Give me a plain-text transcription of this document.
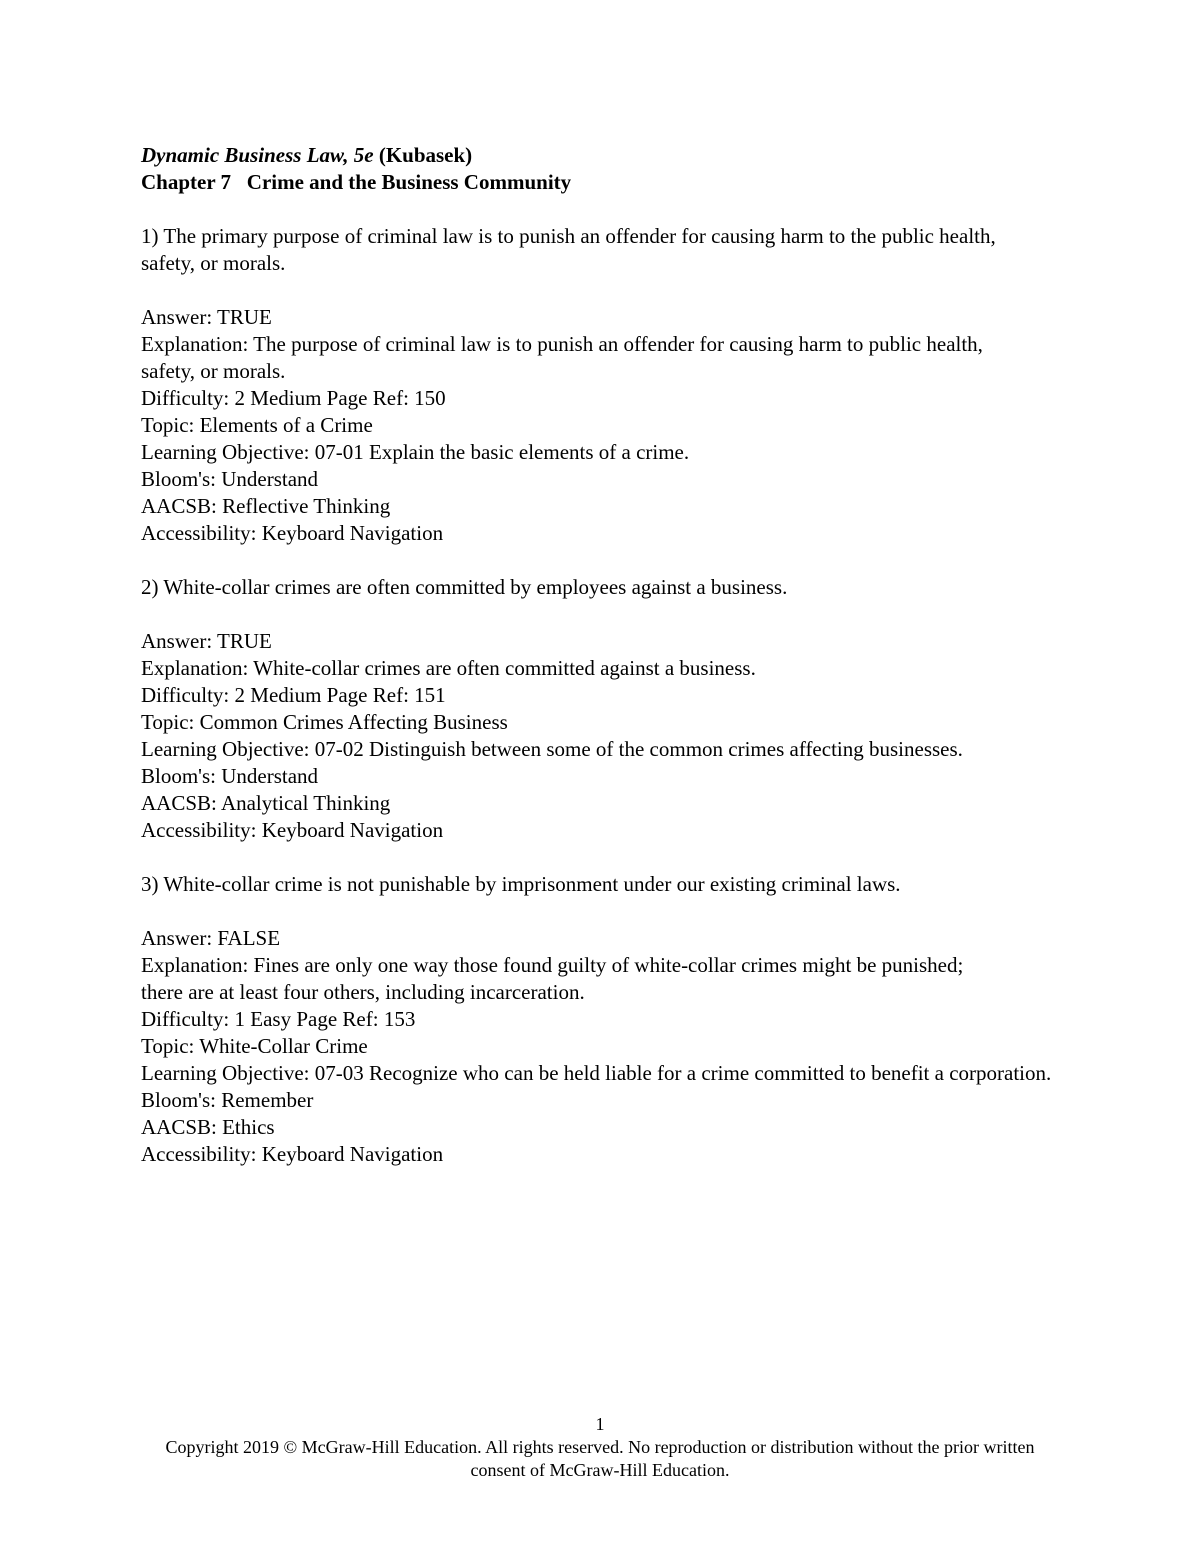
Dynamic Business Law, 5e (Kubasek)
Chapter 7   Crime and the Business Community
1) The primary purpose of criminal law is to punish an offender for causing harm to the public health, safety, or morals.
Answer: TRUE
Explanation: The purpose of criminal law is to punish an offender for causing harm to public health, safety, or morals.
Difficulty: 2 Medium Page Ref: 150
Topic: Elements of a Crime
Learning Objective: 07-01 Explain the basic elements of a crime.
Bloom's: Understand
AACSB: Reflective Thinking
Accessibility: Keyboard Navigation
2) White-collar crimes are often committed by employees against a business.
Answer: TRUE
Explanation: White-collar crimes are often committed against a business.
Difficulty: 2 Medium Page Ref: 151
Topic: Common Crimes Affecting Business
Learning Objective: 07-02 Distinguish between some of the common crimes affecting businesses.
Bloom's: Understand
AACSB: Analytical Thinking
Accessibility: Keyboard Navigation
3) White-collar crime is not punishable by imprisonment under our existing criminal laws.
Answer: FALSE
Explanation: Fines are only one way those found guilty of white-collar crimes might be punished; there are at least four others, including incarceration.
Difficulty: 1 Easy Page Ref: 153
Topic: White-Collar Crime
Learning Objective: 07-03 Recognize who can be held liable for a crime committed to benefit a corporation.
Bloom's: Remember
AACSB: Ethics
Accessibility: Keyboard Navigation
1
Copyright 2019 © McGraw-Hill Education. All rights reserved. No reproduction or distribution without the prior written consent of McGraw-Hill Education.
